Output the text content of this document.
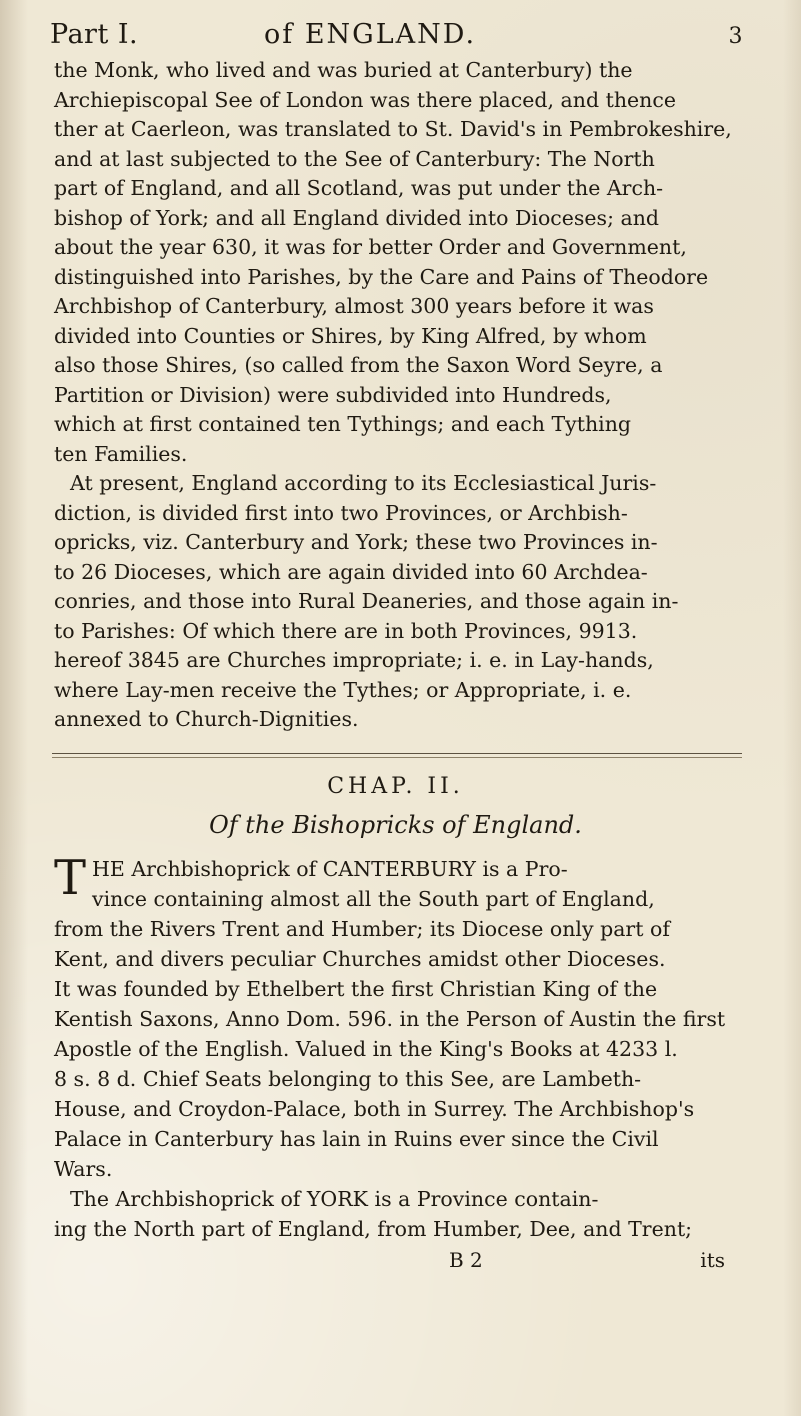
Part I.	of ENGLAND.	3
the Monk, who lived and was buried at Canterbury) the
Archiepiscopal See of London was there placed, and thence
ther at Caerleon, was translated to St. David's in Pembrokeshire,
and at last subjected to the See of Canterbury: The North
part of England, and all Scotland, was put under the Arch-
bishop of York; and all England divided into Dioceses; and
about the year 630, it was for better Order and Government,
distinguished into Parishes, by the Care and Pains of Theodore
Archbishop of Canterbury, almost 300 years before it was
divided into Counties or Shires, by King Alfred, by whom
also those Shires, (so called from the Saxon Word Seyre, a
Partition or Division) were subdivided into Hundreds,
which at first contained ten Tythings; and each Tything
ten Families.
At present, England according to its Ecclesiastical Juris-
diction, is divided first into two Provinces, or Archbish-
opricks, viz. Canterbury and York; these two Provinces in-
to 26 Dioceses, which are again divided into 60 Archdea-
conries, and those into Rural Deaneries, and those again in-
to Parishes: Of which there are in both Provinces, 9913.
hereof 3845 are Churches impropriate; i. e. in Lay-hands,
where Lay-men receive the Tythes; or Appropriate, i. e.
annexed to Church-Dignities.
CHAP. II.
Of the Bishopricks of England.
T HE Archbishoprick of CANTERBURY is a Pro-
vince containing almost all the South part of England,
from the Rivers Trent and Humber; its Diocese only part of
Kent, and divers peculiar Churches amidst other Dioceses.
It was founded by Ethelbert the first Christian King of the
Kentish Saxons, Anno Dom. 596. in the Person of Austin the first
Apostle of the English. Valued in the King's Books at 4233 l.
8 s. 8 d. Chief Seats belonging to this See, are Lambeth-
House, and Croydon-Palace, both in Surrey. The Archbishop's
Palace in Canterbury has lain in Ruins ever since the Civil
Wars.
The Archbishoprick of YORK is a Province contain-
ing the North part of England, from Humber, Dee, and Trent;
B 2	its
